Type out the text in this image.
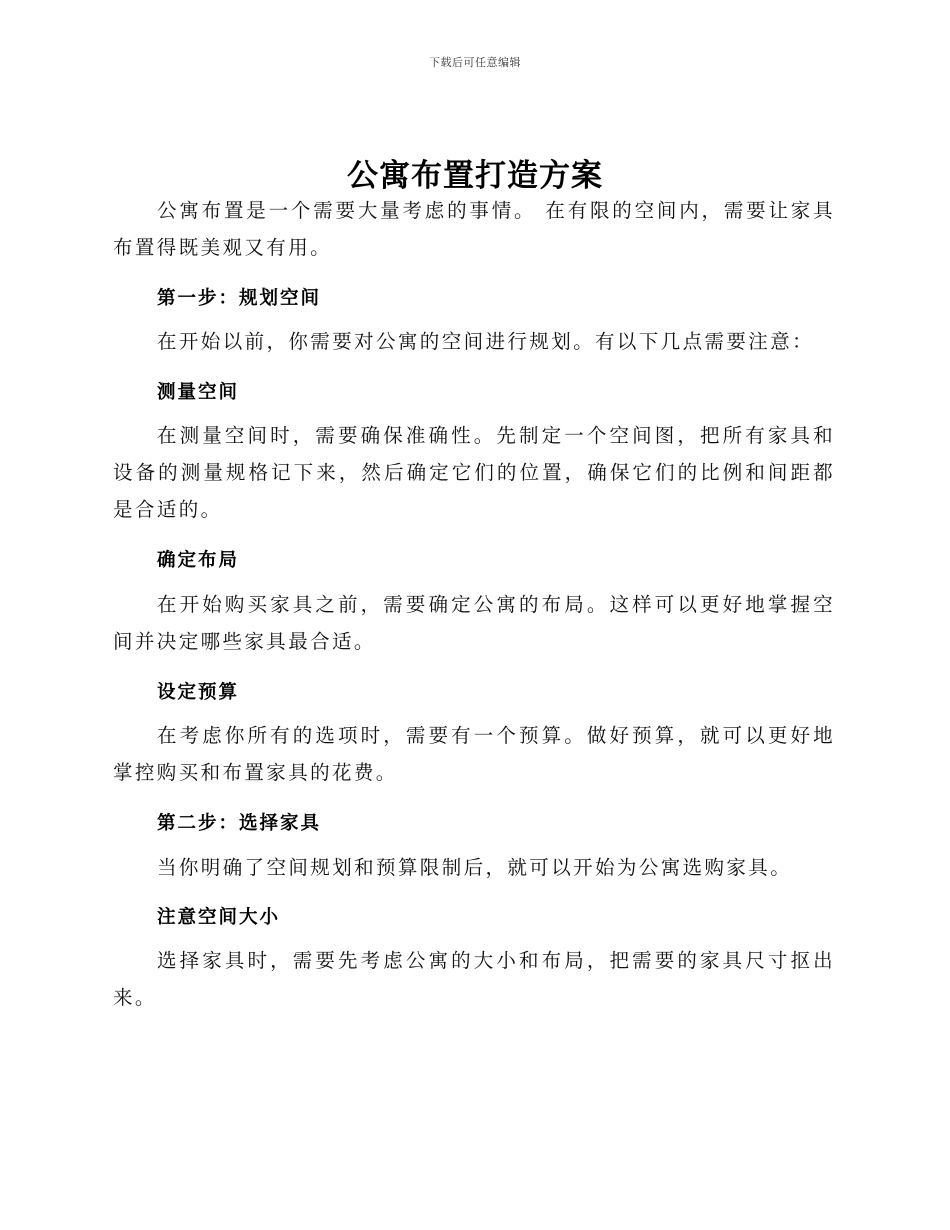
下载后可任意编辑
公寓布置打造方案

公寓布置是一个需要大量考虑的事情。 在有限的空间内，需要让家具布置得既美观又有用。

第一步：规划空间

在开始以前，你需要对公寓的空间进行规划。有以下几点需要注意：

测量空间

在测量空间时，需要确保准确性。先制定一个空间图，把所有家具和设备的测量规格记下来，然后确定它们的位置，确保它们的比例和间距都是合适的。

确定布局

在开始购买家具之前，需要确定公寓的布局。这样可以更好地掌握空间并决定哪些家具最合适。

设定预算

在考虑你所有的选项时，需要有一个预算。做好预算，就可以更好地掌控购买和布置家具的花费。

第二步：选择家具

当你明确了空间规划和预算限制后，就可以开始为公寓选购家具。

注意空间大小

选择家具时，需要先考虑公寓的大小和布局，把需要的家具尺寸抠出来。
